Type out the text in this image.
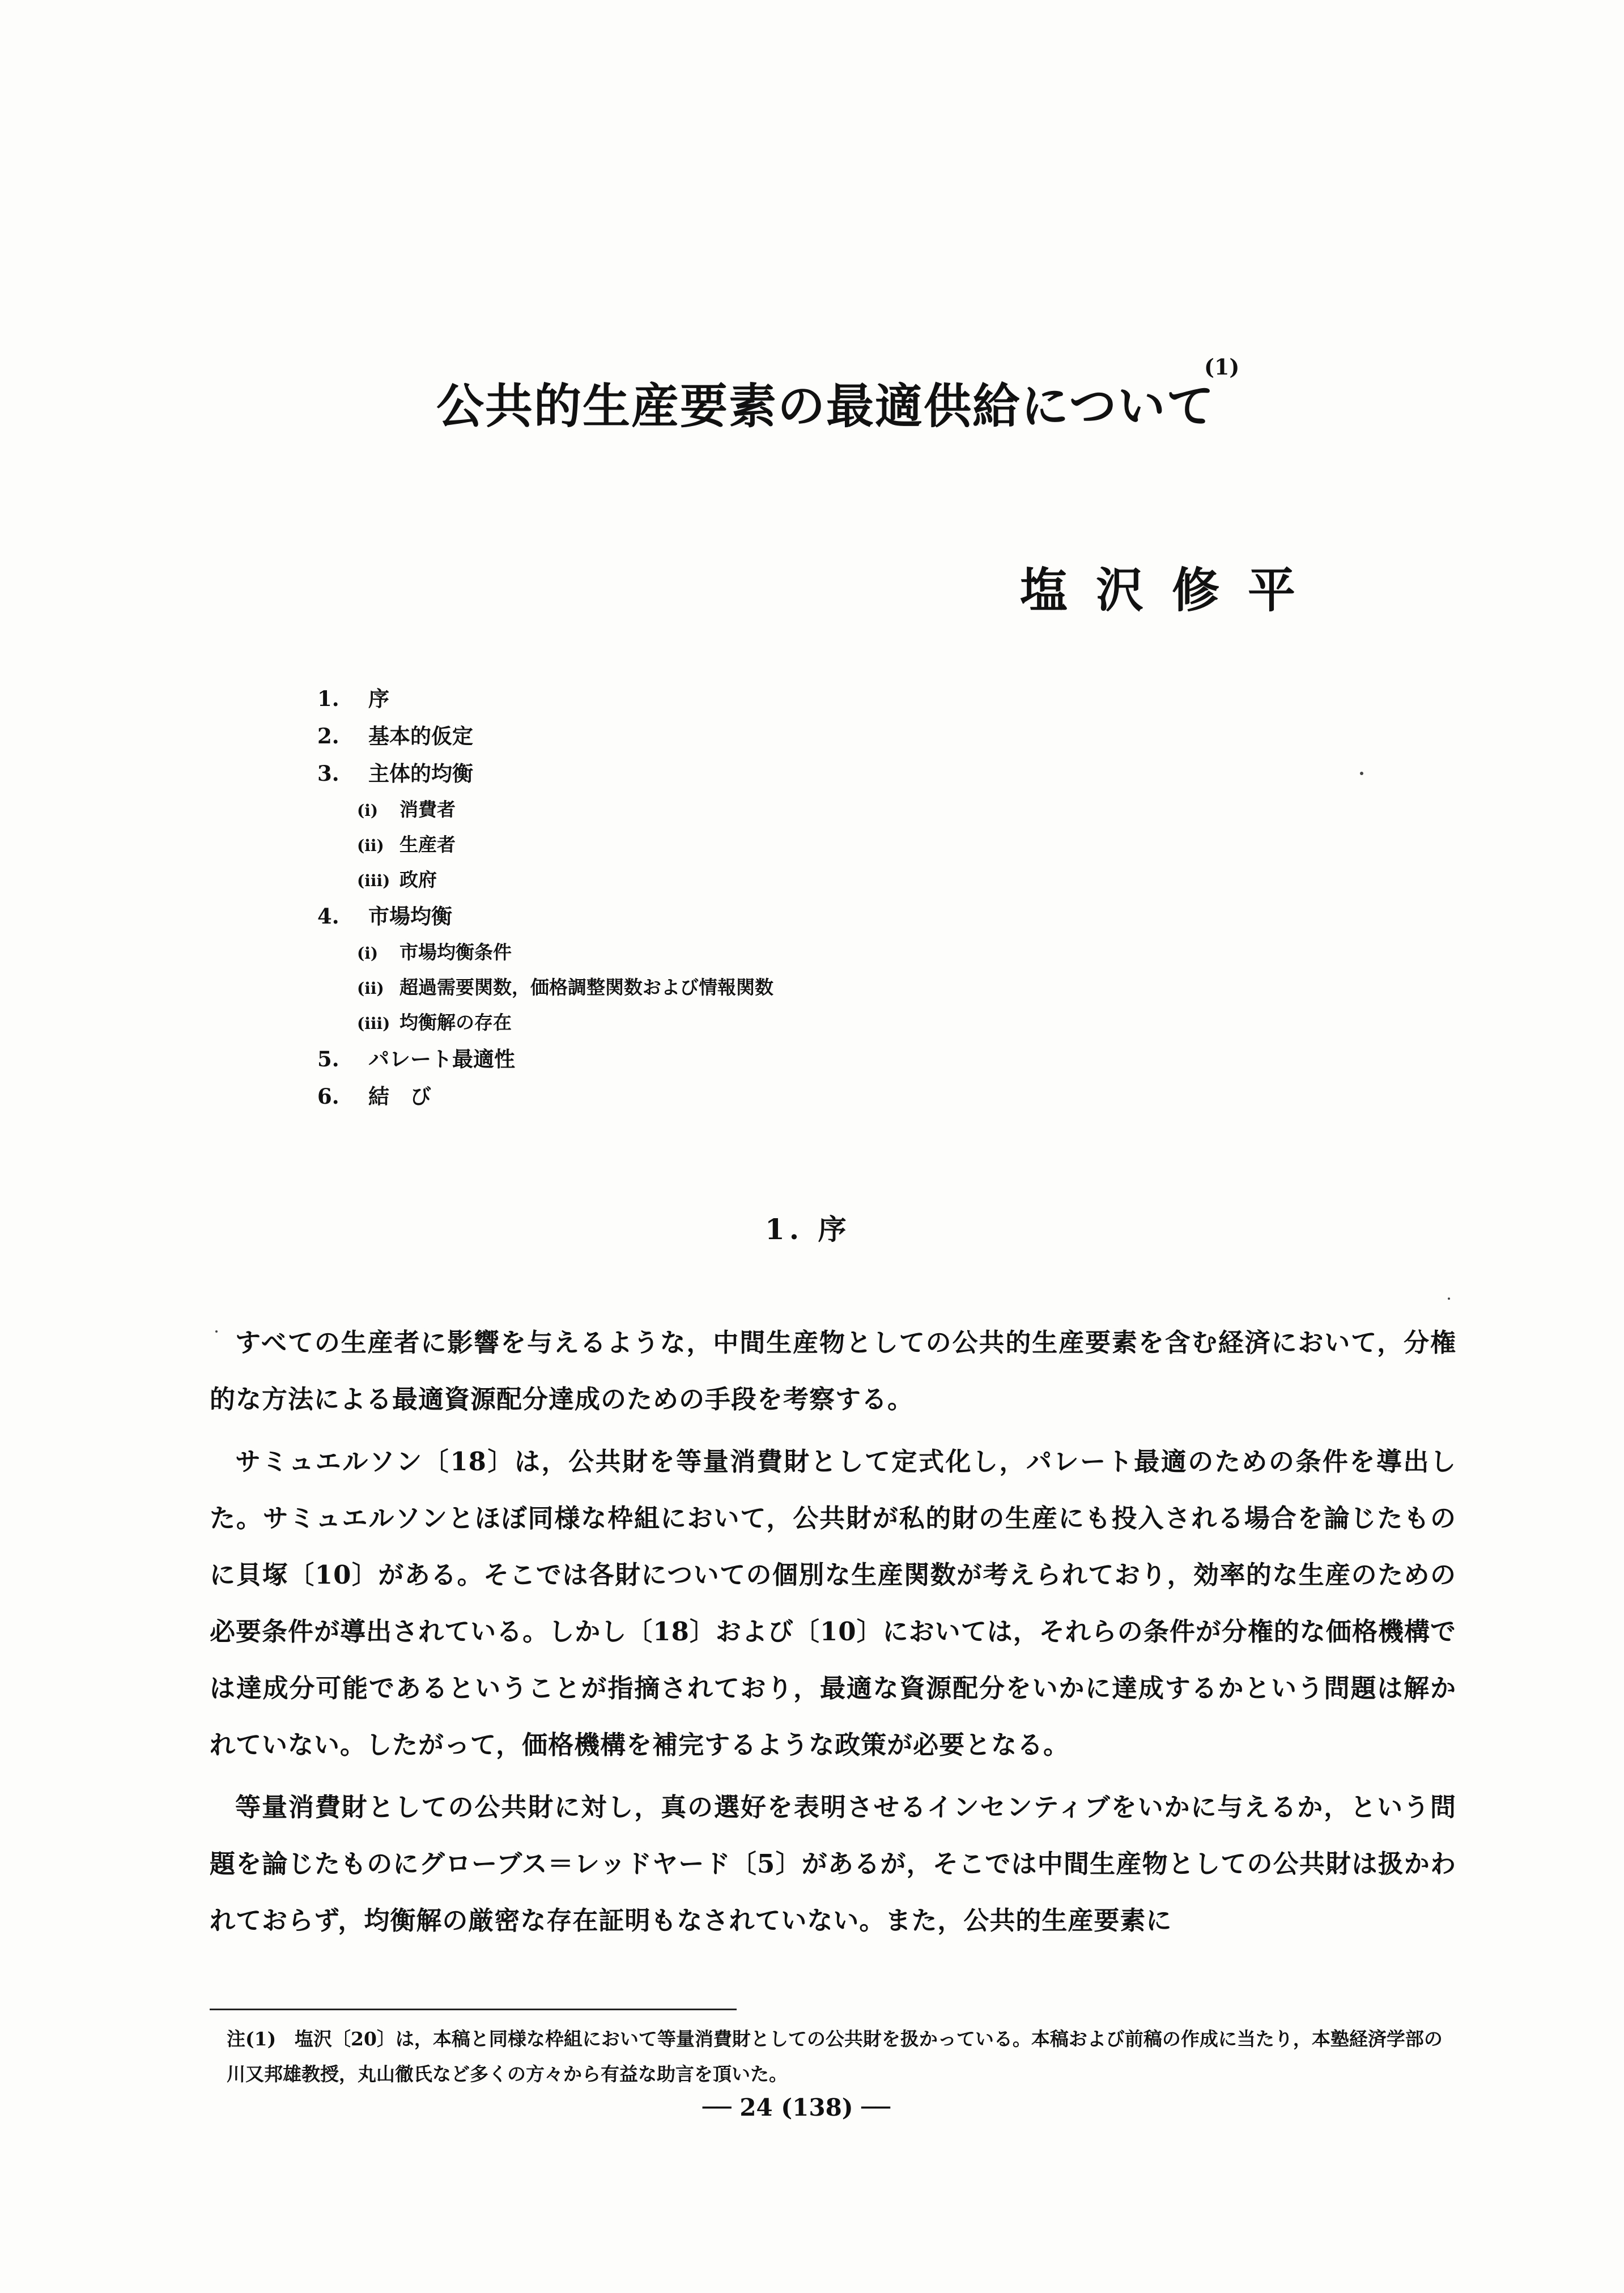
公共的生産要素の最適供給について
(1)
塩沢修平
1. 序
2. 基本的仮定
3. 主体的均衡
(i) 消費者
(ii) 生産者
(iii) 政府
4. 市場均衡
(i) 市場均衡条件
(ii) 超過需要関数，価格調整関数および情報関数
(iii) 均衡解の存在
5. パレート最適性
6. 結　び
1. 序

すべての生産者に影響を与えるような，中間生産物としての公共的生産要素を含む経済において，分権的な方法による最適資源配分達成のための手段を考察する。

サミュエルソン〔18〕は，公共財を等量消費財として定式化し，パレート最適のための条件を導出した。サミュエルソンとほぼ同様な枠組において，公共財が私的財の生産にも投入される場合を論じたものに貝塚〔10〕がある。そこでは各財についての個別な生産関数が考えられており，効率的な生産のための必要条件が導出されている。しかし〔18〕および〔10〕においては，それらの条件が分権的な価格機構では達成分可能であるということが指摘されており，最適な資源配分をいかに達成するかという問題は解かれていない。したがって，価格機構を補完するような政策が必要となる。

等量消費財としての公共財に対し，真の選好を表明させるインセンティブをいかに与えるか，という問題を論じたものにグローブス＝レッドヤード〔5〕があるが，そこでは中間生産物としての公共財は扱かわれておらず，均衡解の厳密な存在証明もなされていない。また，公共的生産要素に

注(1) 塩沢〔20〕は，本稿と同様な枠組において等量消費財としての公共財を扱かっている。本稿および前稿の作成に当たり，本塾経済学部の川又邦雄教授，丸山徹氏など多くの方々から有益な助言を頂いた。
── 24 (138) ──
